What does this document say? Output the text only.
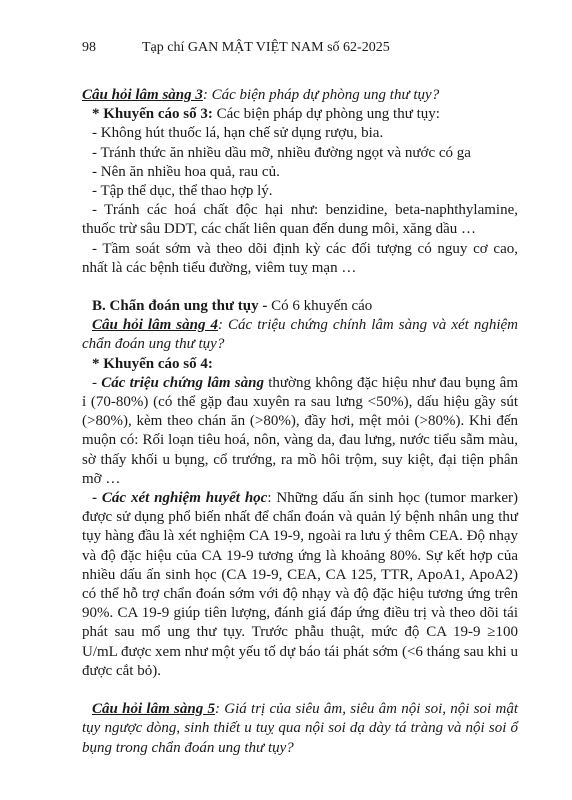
98	Tạp chí GAN MẬT VIỆT NAM số 62-2025

Câu hỏi lâm sàng 3: Các biện pháp dự phòng ung thư tụy?

* Khuyến cáo số 3: Các biện pháp dự phòng ung thư tụy:

- Không hút thuốc lá, hạn chế sử dụng rượu, bia.

- Tránh thức ăn nhiều dầu mỡ, nhiều đường ngọt và nước có ga

- Nên ăn nhiều hoa quả, rau củ.

- Tập thể dục, thể thao hợp lý.

- Tránh các hoá chất độc hại như: benzidine, beta-naphthylamine, thuốc trừ sâu DDT, các chất liên quan đến dung môi, xăng dầu …

- Tầm soát sớm và theo dõi định kỳ các đối tượng có nguy cơ cao, nhất là các bệnh tiểu đường, viêm tuỵ mạn …

B. Chẩn đoán ung thư tụy - Có 6 khuyến cáo

Câu hỏi lâm sàng 4: Các triệu chứng chính lâm sàng và xét nghiệm chẩn đoán ung thư tụy?

* Khuyến cáo số 4:

- Các triệu chứng lâm sàng thường không đặc hiệu như đau bụng âm ỉ (70-80%) (có thể gặp đau xuyên ra sau lưng <50%), dấu hiệu gầy sút (>80%), kèm theo chán ăn (>80%), đầy hơi, mệt mỏi (>80%). Khi đến muộn có: Rối loạn tiêu hoá, nôn, vàng da, đau lưng, nước tiểu sẫm màu, sờ thấy khối u bụng, cổ trướng, ra mồ hôi trộm, suy kiệt, đại tiện phân mỡ …

- Các xét nghiệm huyết học: Những dấu ấn sinh học (tumor marker) được sử dụng phổ biến nhất để chẩn đoán và quản lý bệnh nhân ung thư tụy hàng đầu là xét nghiệm CA 19-9, ngoài ra lưu ý thêm CEA. Độ nhạy và độ đặc hiệu của CA 19-9 tương ứng là khoảng 80%. Sự kết hợp của nhiều dấu ấn sinh học (CA 19-9, CEA, CA 125, TTR, ApoA1, ApoA2) có thể hỗ trợ chẩn đoán sớm với độ nhạy và độ đặc hiệu tương ứng trên 90%. CA 19-9 giúp tiên lượng, đánh giá đáp ứng điều trị và theo dõi tái phát sau mổ ung thư tụy. Trước phẫu thuật, mức độ CA 19-9 ≥100 U/mL được xem như một yếu tố dự báo tái phát sớm (<6 tháng sau khi u được cắt bỏ).

Câu hỏi lâm sàng 5: Giá trị của siêu âm, siêu âm nội soi, nội soi mật tụy ngược dòng, sinh thiết u tuỵ qua nội soi dạ dày tá tràng và nội soi ổ bụng trong chẩn đoán ung thư tụy?
